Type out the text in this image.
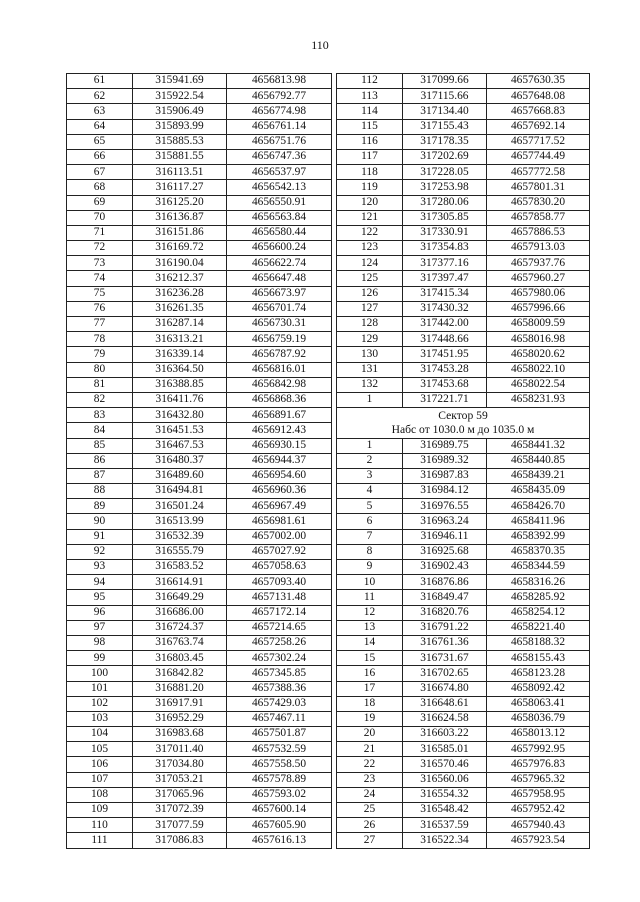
110
61	315941.69	4656813.98
62	315922.54	4656792.77
63	315906.49	4656774.98
64	315893.99	4656761.14
65	315885.53	4656751.76
66	315881.55	4656747.36
67	316113.51	4656537.97
68	316117.27	4656542.13
69	316125.20	4656550.91
70	316136.87	4656563.84
71	316151.86	4656580.44
72	316169.72	4656600.24
73	316190.04	4656622.74
74	316212.37	4656647.48
75	316236.28	4656673.97
76	316261.35	4656701.74
77	316287.14	4656730.31
78	316313.21	4656759.19
79	316339.14	4656787.92
80	316364.50	4656816.01
81	316388.85	4656842.98
82	316411.76	4656868.36
83	316432.80	4656891.67
84	316451.53	4656912.43
85	316467.53	4656930.15
86	316480.37	4656944.37
87	316489.60	4656954.60
88	316494.81	4656960.36
89	316501.24	4656967.49
90	316513.99	4656981.61
91	316532.39	4657002.00
92	316555.79	4657027.92
93	316583.52	4657058.63
94	316614.91	4657093.40
95	316649.29	4657131.48
96	316686.00	4657172.14
97	316724.37	4657214.65
98	316763.74	4657258.26
99	316803.45	4657302.24
100	316842.82	4657345.85
101	316881.20	4657388.36
102	316917.91	4657429.03
103	316952.29	4657467.11
104	316983.68	4657501.87
105	317011.40	4657532.59
106	317034.80	4657558.50
107	317053.21	4657578.89
108	317065.96	4657593.02
109	317072.39	4657600.14
110	317077.59	4657605.90
111	317086.83	4657616.13
112	317099.66	4657630.35
113	317115.66	4657648.08
114	317134.40	4657668.83
115	317155.43	4657692.14
116	317178.35	4657717.52
117	317202.69	4657744.49
118	317228.05	4657772.58
119	317253.98	4657801.31
120	317280.06	4657830.20
121	317305.85	4657858.77
122	317330.91	4657886.53
123	317354.83	4657913.03
124	317377.16	4657937.76
125	317397.47	4657960.27
126	317415.34	4657980.06
127	317430.32	4657996.66
128	317442.00	4658009.59
129	317448.66	4658016.98
130	317451.95	4658020.62
131	317453.28	4658022.10
132	317453.68	4658022.54
1	317221.71	4658231.93
Сектор 59		
Набс от 1030.0 м до 1035.0 м		
1	316989.75	4658441.32
2	316989.32	4658440.85
3	316987.83	4658439.21
4	316984.12	4658435.09
5	316976.55	4658426.70
6	316963.24	4658411.96
7	316946.11	4658392.99
8	316925.68	4658370.35
9	316902.43	4658344.59
10	316876.86	4658316.26
11	316849.47	4658285.92
12	316820.76	4658254.12
13	316791.22	4658221.40
14	316761.36	4658188.32
15	316731.67	4658155.43
16	316702.65	4658123.28
17	316674.80	4658092.42
18	316648.61	4658063.41
19	316624.58	4658036.79
20	316603.22	4658013.12
21	316585.01	4657992.95
22	316570.46	4657976.83
23	316560.06	4657965.32
24	316554.32	4657958.95
25	316548.42	4657952.42
26	316537.59	4657940.43
27	316522.34	4657923.54
